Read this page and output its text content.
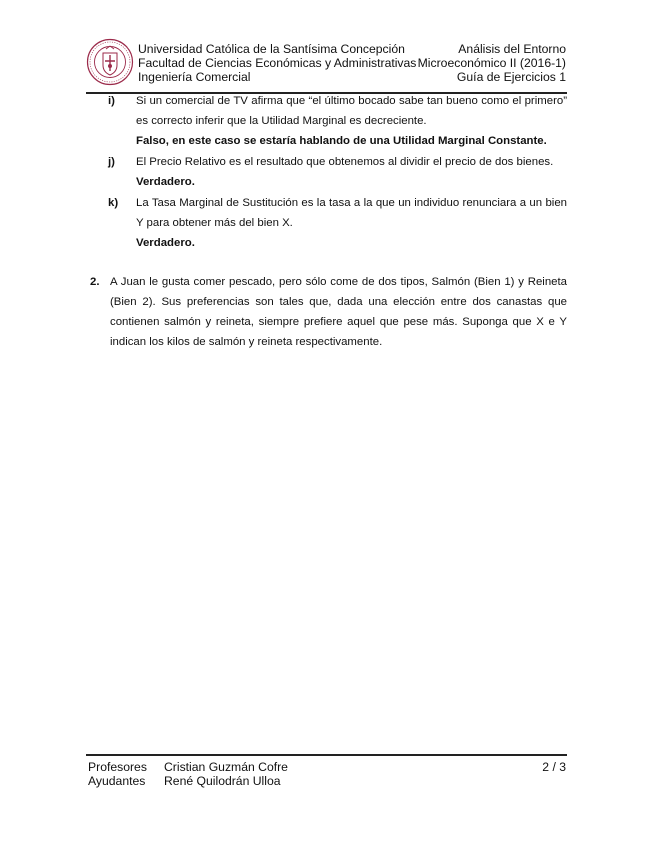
Universidad Católica de la Santísima Concepción
Facultad de Ciencias Económicas y Administrativas
Ingeniería Comercial
Análisis del Entorno
Microeconómico II (2016-1)
Guía de Ejercicios 1
i)	Si un comercial de TV afirma que “el último bocado sabe tan bueno como el primero” es correcto inferir que la Utilidad Marginal es decreciente.

Falso, en este caso se estaría hablando de una Utilidad Marginal Constante.

j)	El Precio Relativo es el resultado que obtenemos al dividir el precio de dos bienes.

Verdadero.

k)	La Tasa Marginal de Sustitución es la tasa a la que un individuo renunciara a un bien Y para obtener más del bien X.

Verdadero.

2. A Juan le gusta comer pescado, pero sólo come de dos tipos, Salmón (Bien 1) y Reineta (Bien 2). Sus preferencias son tales que, dada una elección entre dos canastas que contienen salmón y reineta, siempre prefiere aquel que pese más. Suponga que X e Y indican los kilos de salmón y reineta respectivamente.

Profesores
Ayudantes
Cristian Guzmán Cofre
René Quilodrán Ulloa
2 / 3
